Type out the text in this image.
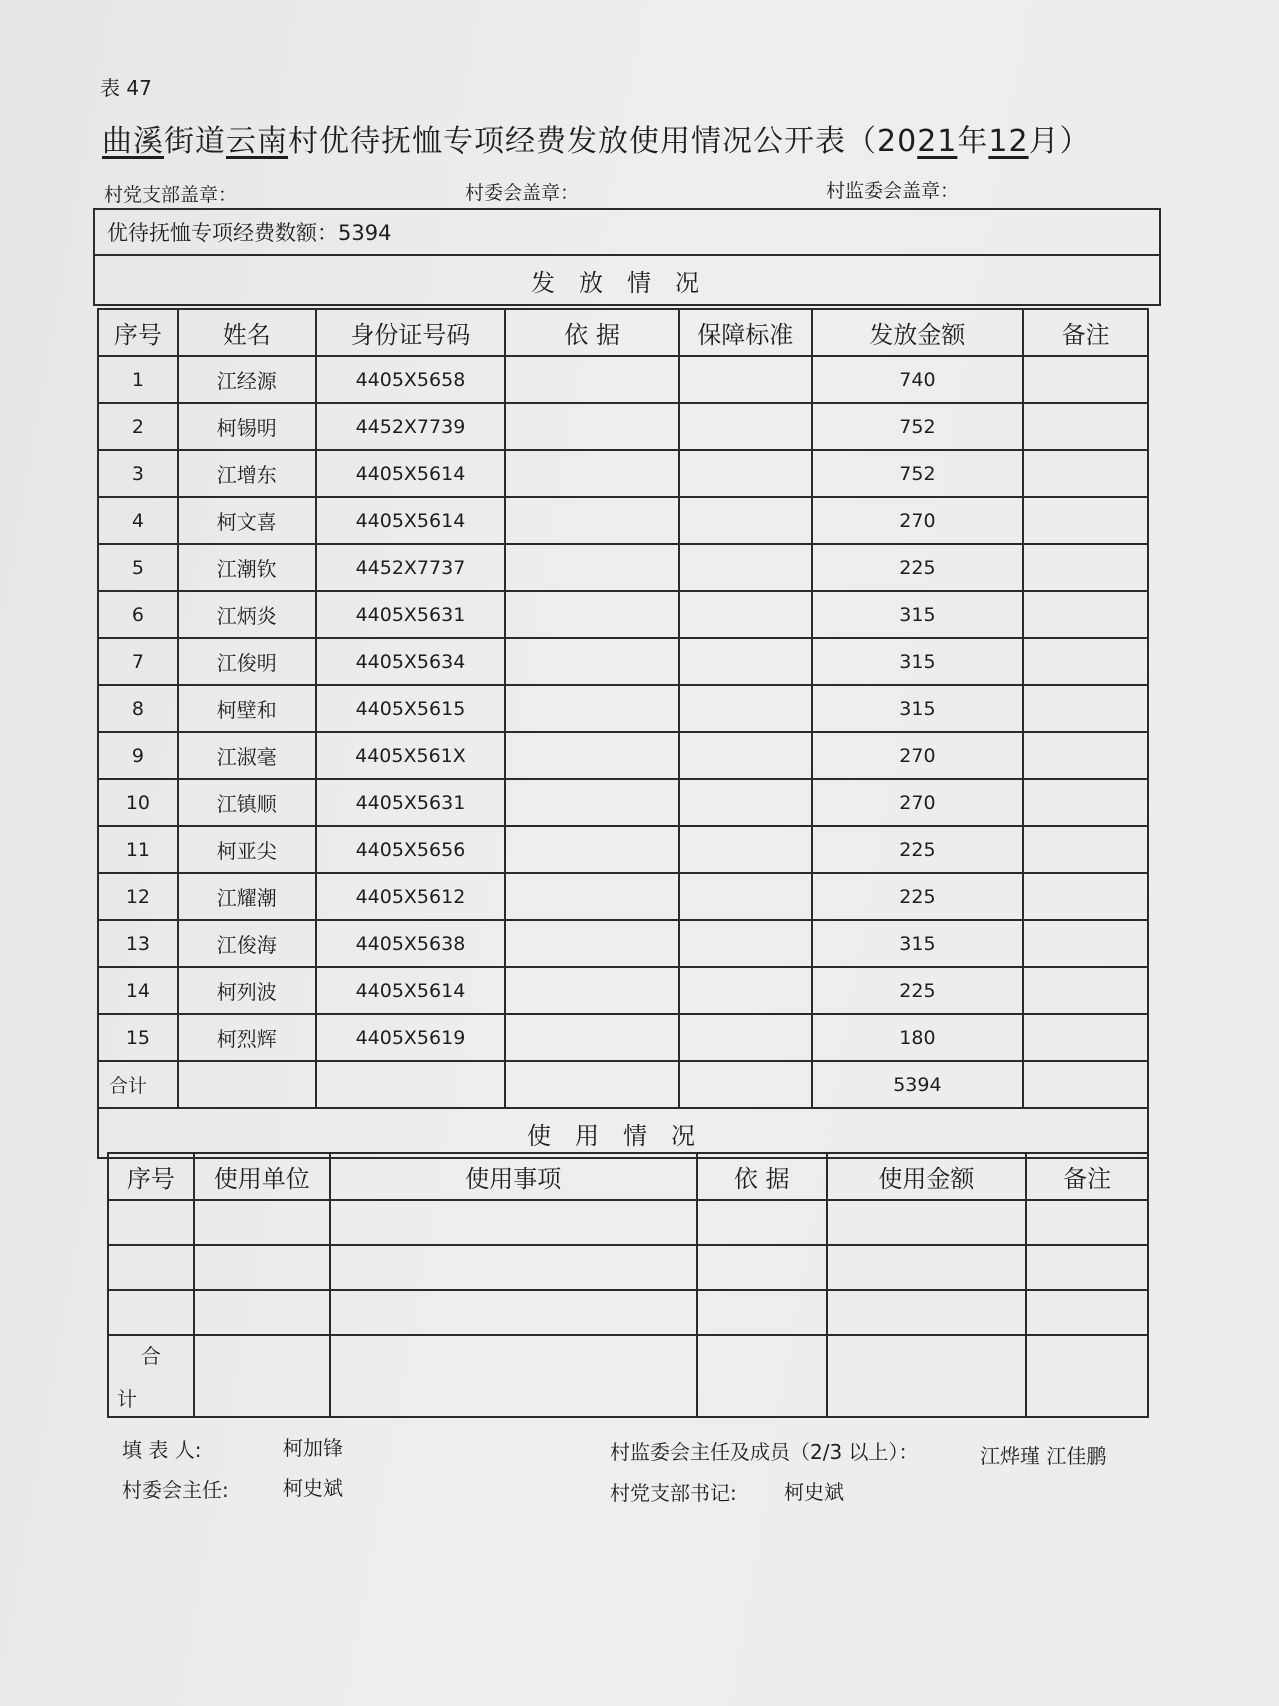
表 47
曲溪街道云南村优待抚恤专项经费发放使用情况公开表（2021年12月）
村党支部盖章：	村委会盖章：	村监委会盖章：
优待抚恤专项经费数额：5394
发放情况
序号	姓名	身份证号码	依 据	保障标准	发放金额	备注
1	江经源	4405X5658			740	
2	柯锡明	4452X7739			752	
3	江增东	4405X5614			752	
4	柯文喜	4405X5614			270	
5	江潮钦	4452X7737			225	
6	江炳炎	4405X5631			315	
7	江俊明	4405X5634			315	
8	柯壁和	4405X5615			315	
9	江淑毫	4405X561X			270	
10	江镇顺	4405X5631			270	
11	柯亚尖	4405X5656			225	
12	江耀潮	4405X5612			225	
13	江俊海	4405X5638			315	
14	柯列波	4405X5614			225	
15	柯烈辉	4405X5619			180	
合计					5394	
使用情况						
序号	使用单位	使用事项	依 据	使用金额	备注

合
计					

填 表 人:	柯加锋
村委会主任:	柯史斌
村监委会主任及成员（2/3 以上）：	江烨瑾 江佳鹏
村党支部书记: 柯史斌
